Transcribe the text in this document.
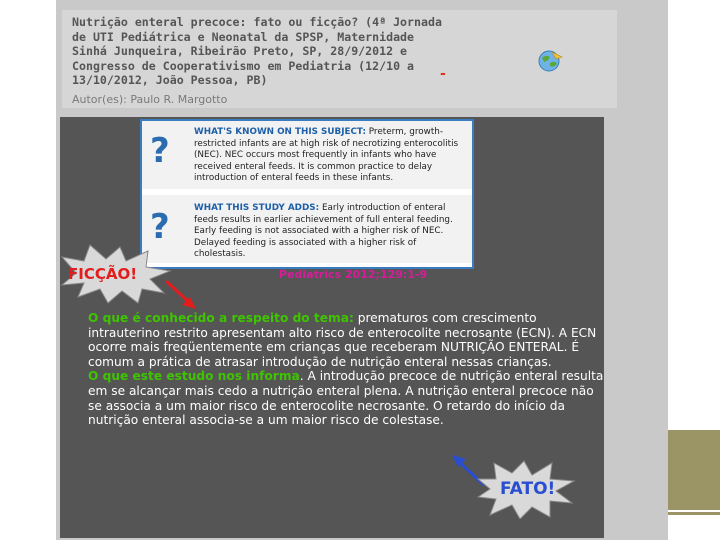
Nutrição enteral precoce: fato ou ficção? (4ª Jornada de UTI Pediátrica e Neonatal da SPSP, Maternidade Sinhá Junqueira, Ribeirão Preto, SP, 28/9/2012 e Congresso de Cooperativismo em Pediatria (12/10 a 13/10/2012, João Pessoa, PB)
Autor(es): Paulo R. Margotto
-
?
?
WHAT'S KNOWN ON THIS SUBJECT: Preterm, growth-restricted infants are at high risk of necrotizing enterocolitis (NEC). NEC occurs most frequently in infants who have received enteral feeds. It is common practice to delay introduction of enteral feeds in these infants.
WHAT THIS STUDY ADDS: Early introduction of enteral feeds results in earlier achievement of full enteral feeding. Early feeding is not associated with a higher risk of NEC. Delayed feeding is associated with a higher risk of cholestasis.
FICÇÃO!	Pediatrics 2012;129:1-9
O que é conhecido a respeito do tema: prematuros com crescimento intrauterino restrito apresentam alto risco de enterocolite necrosante (ECN). A ECN ocorre mais freqüentemente em crianças que receberam NUTRIÇÃO ENTERAL. É comum a prática de atrasar introdução de nutrição enteral nessas crianças.
O que este estudo nos informa. A introdução precoce de nutrição enteral resulta em se alcançar mais cedo a nutrição enteral plena. A nutrição enteral precoce não se associa a um maior risco de enterocolite necrosante. O retardo do início da nutrição enteral associa-se a um maior risco de colestase.
FATO!
